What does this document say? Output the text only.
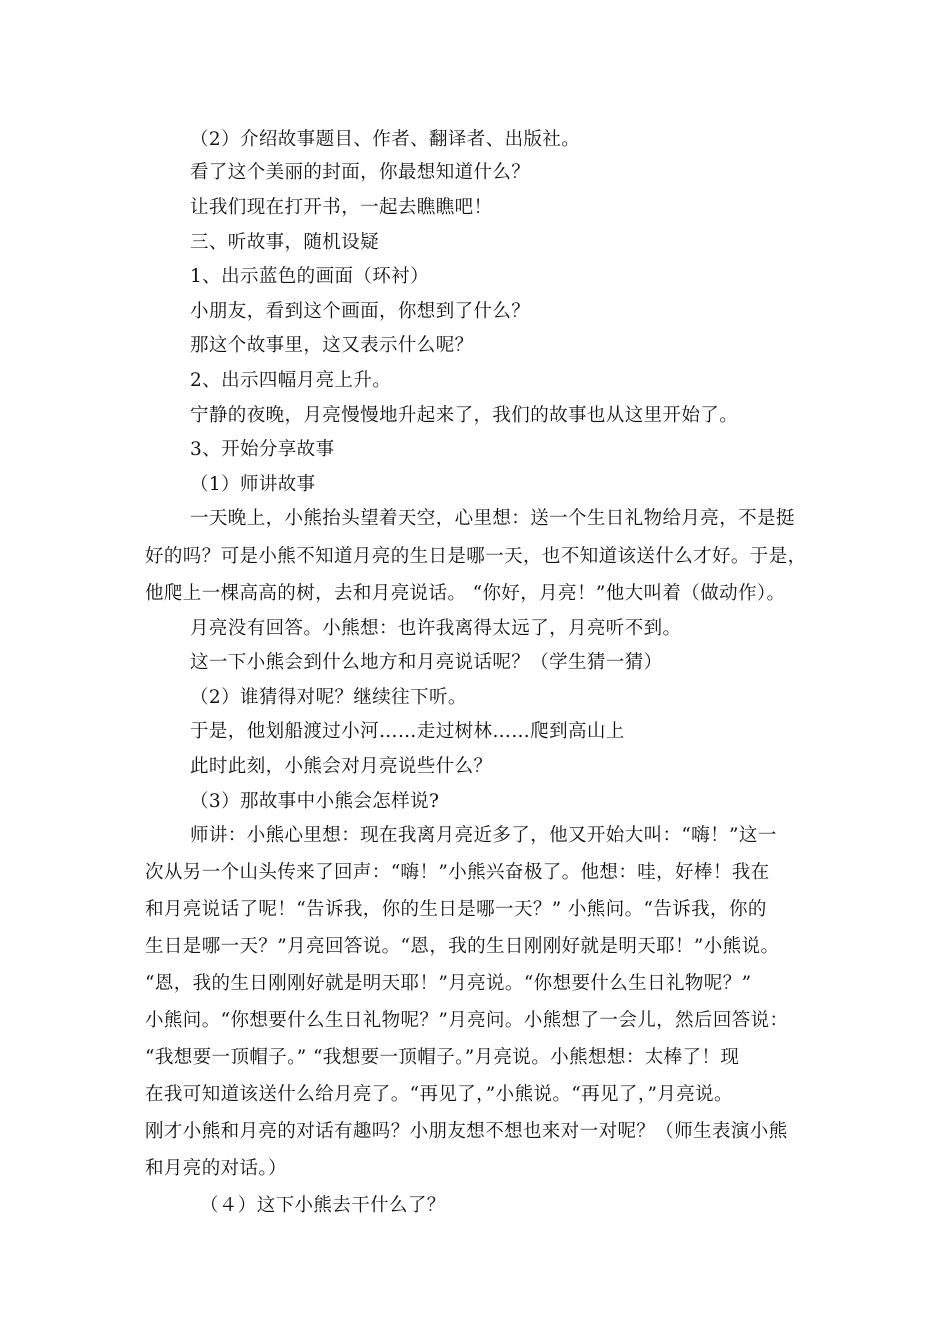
（2）介绍故事题目、作者、翻译者、出版社。
看了这个美丽的封面，你最想知道什么？
让我们现在打开书，一起去瞧瞧吧！
三、听故事，随机设疑
1、出示蓝色的画面（环衬）
小朋友，看到这个画面，你想到了什么？
那这个故事里，这又表示什么呢？
2、出示四幅月亮上升。
宁静的夜晚，月亮慢慢地升起来了，我们的故事也从这里开始了。
3、开始分享故事
（1）师讲故事
一天晚上，小熊抬头望着天空，心里想：送一个生日礼物给月亮，不是挺
好的吗？可是小熊不知道月亮的生日是哪一天，也不知道该送什么才好。于是，
他爬上一棵高高的树，去和月亮说话。 “你好，月亮！”他大叫着（做动作）。
月亮没有回答。小熊想：也许我离得太远了，月亮听不到。
这一下小熊会到什么地方和月亮说话呢？（学生猜一猜）
（2）谁猜得对呢？继续往下听。
于是，他划船渡过小河……走过树林……爬到高山上
此时此刻，小熊会对月亮说些什么？
（3）那故事中小熊会怎样说?
师讲：小熊心里想：现在我离月亮近多了，他又开始大叫：“嗨！”这一
次从另一个山头传来了回声：“嗨！”小熊兴奋极了。他想：哇，好棒！我在
和月亮说话了呢！“告诉我，你的生日是哪一天？” 小熊问。“告诉我，你的
生日是哪一天？”月亮回答说。“恩，我的生日刚刚好就是明天耶！”小熊说。
“恩，我的生日刚刚好就是明天耶！”月亮说。“你想要什么生日礼物呢？”
小熊问。“你想要什么生日礼物呢？”月亮问。小熊想了一会儿，然后回答说：
“我想要一顶帽子。” “我想要一顶帽子。”月亮说。小熊想想：太棒了！现
在我可知道该送什么给月亮了。“再见了，”小熊说。“再见了，”月亮说。
刚才小熊和月亮的对话有趣吗？小朋友想不想也来对一对呢？（师生表演小熊
和月亮的对话。）
（４）这下小熊去干什么了？
